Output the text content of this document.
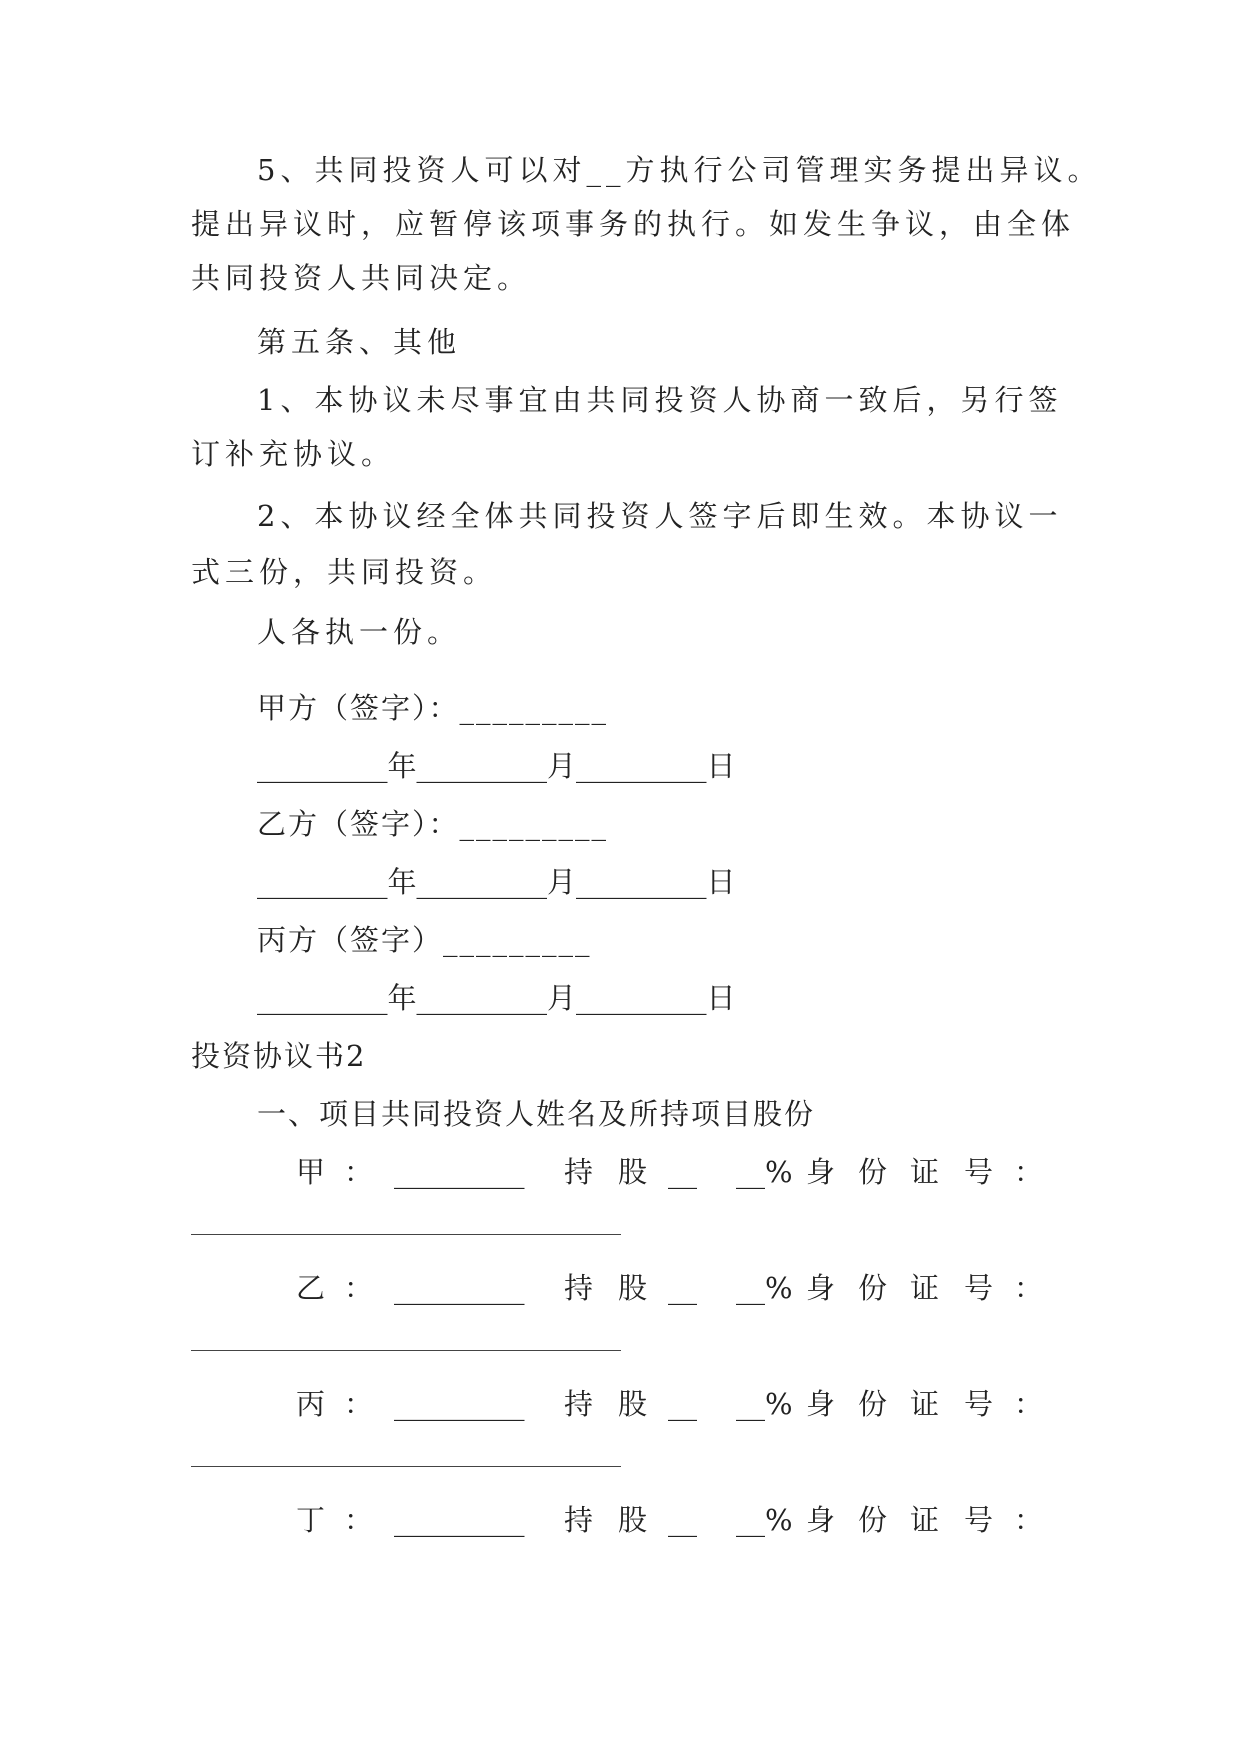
5、共同投资人可以对__方执行公司管理实务提出异议。
提出异议时，应暂停该项事务的执行。如发生争议，由全体
共同投资人共同决定。
第五条、其他
1、本协议未尽事宜由共同投资人协商一致后，另行签
订补充协议。
2、本协议经全体共同投资人签字后即生效。本协议一
式三份，共同投资。
人各执一份。
甲方（签字）：_________
_________年_________月_________日
乙方（签字）：_________
_________年_________月_________日
丙方（签字）_________
_________年_________月_________日
投资协议书2
一、项目共同投资人姓名及所持项目股份
甲 ： _________ 持 股 __ __% 身 份 证 号 ：
乙 ： _________ 持 股 __ __% 身 份 证 号 ：
丙 ： _________ 持 股 __ __% 身 份 证 号 ：
丁 ： _________ 持 股 __ __% 身 份 证 号 ：
